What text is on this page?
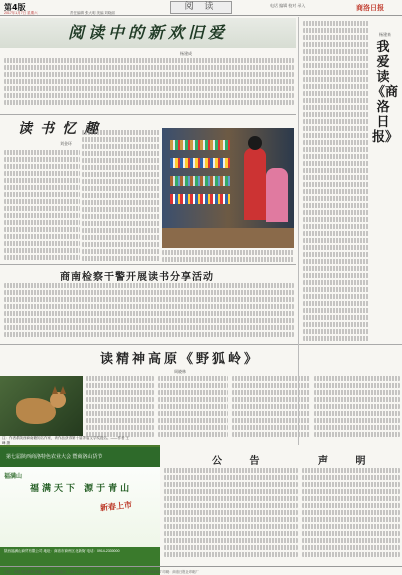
第4版
2017年1月7日 星期六	责任编辑 张大明 美编 刘晓丽
阅 读	电话 编辑 校对 录入	商洛日报
阅读中的新欢旧爱
杨建成
读书忆趣
刘金环
商南检察干警开展读书分享活动
读精神高原《野狐岭》
周晓林
注：作者系陕西商南籍知名作家，该作品获得第十届茅盾文学奖提名。——作者 王峰 摄
我爱读《商洛日报》
杨建来
第七届陕西商洛特色农业大会 暨商洛山货节
福满山
福满天下 源于青山
新春上市
陕西福满山商贸有限公司 地址：商洛市商州区北新街 电话：0914-2330000
公 告	声 明
社址：商洛市北新街 邮编：726000 总编办：0914-2313338 广告部：0914-2313336 发行部：0914-2313337 印刷：商洛日报社印刷厂
